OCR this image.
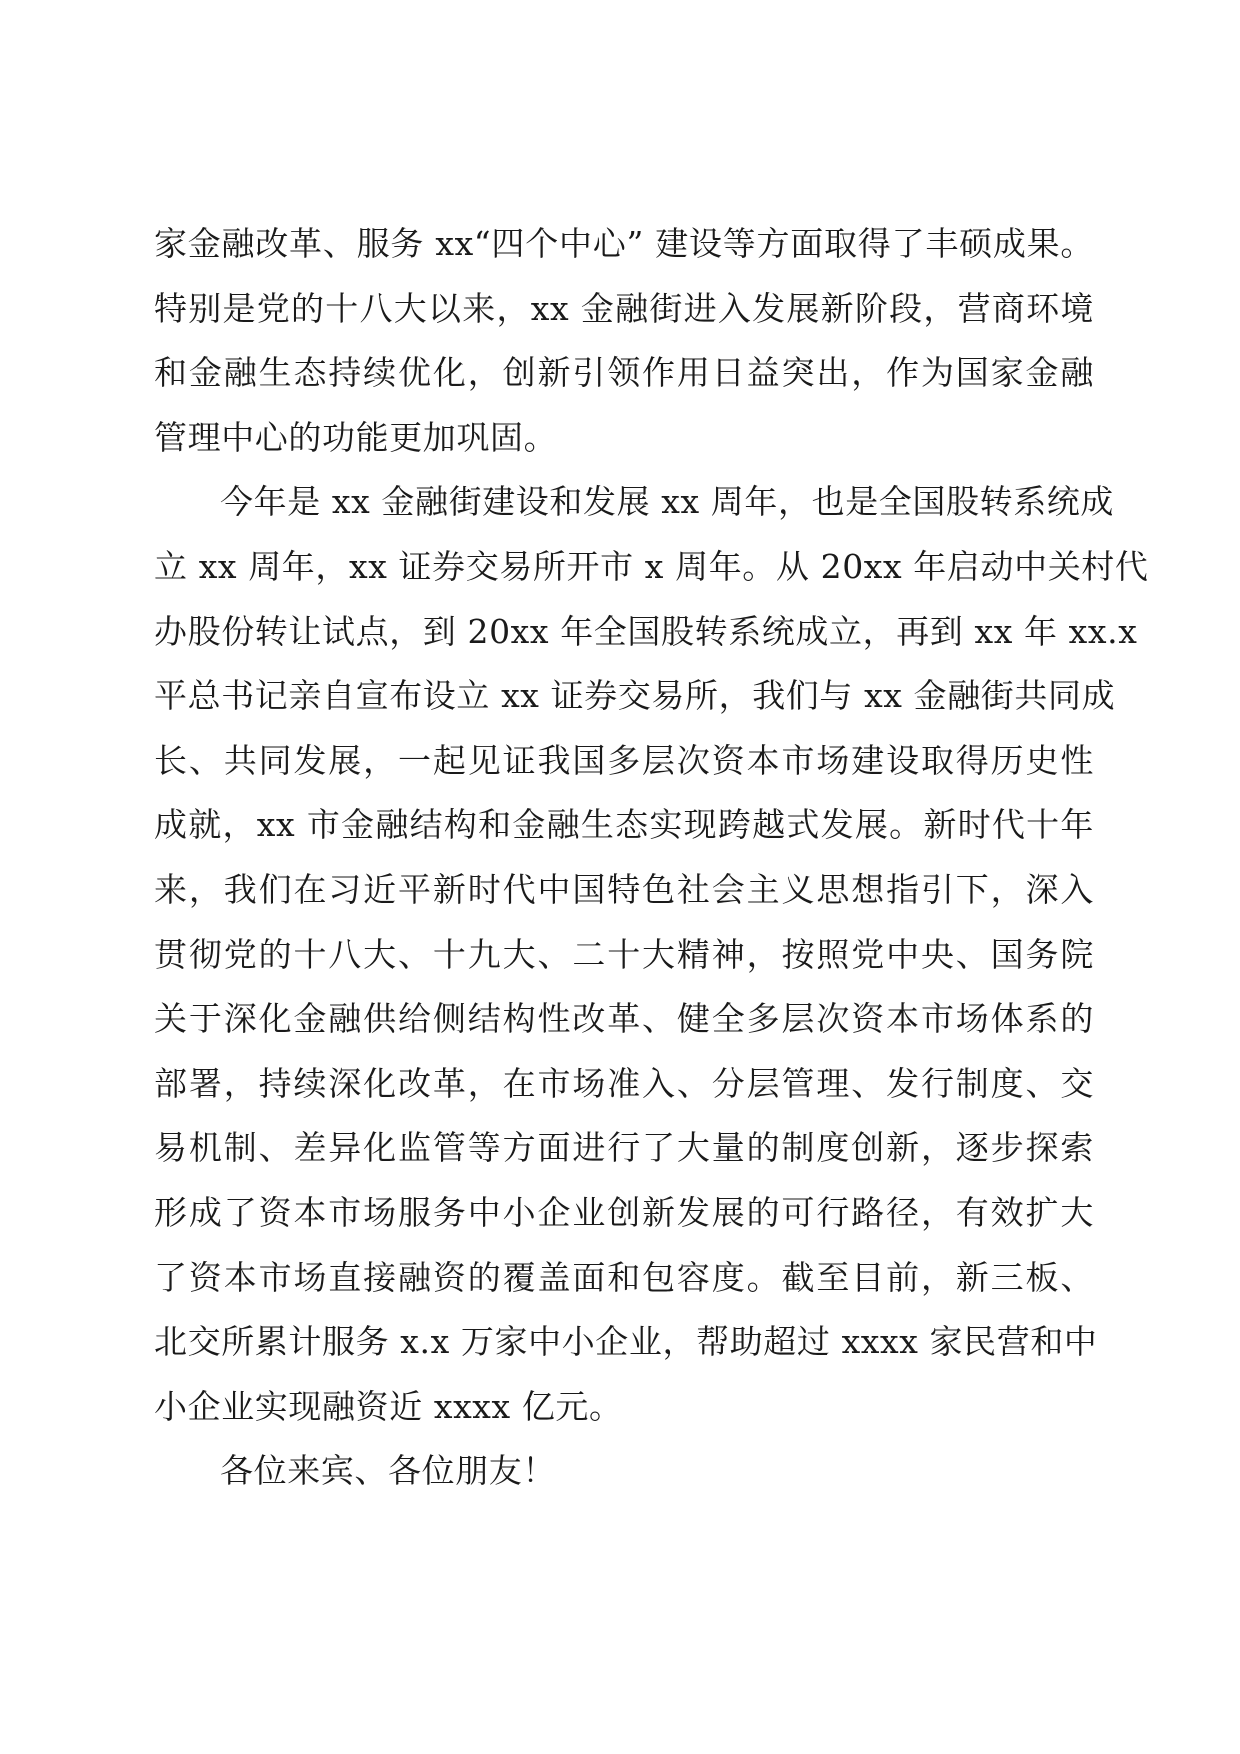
家金融改革、服务 xx“四个中心” 建设等方面取得了丰硕成果。
特别是党的十八大以来，xx 金融街进入发展新阶段，营商环境
和金融生态持续优化，创新引领作用日益突出，作为国家金融
管理中心的功能更加巩固。

今年是 xx 金融街建设和发展 xx 周年，也是全国股转系统成
立 xx 周年，xx 证券交易所开市 x 周年。从 20xx 年启动中关村代
办股份转让试点，到 20xx 年全国股转系统成立，再到 xx 年 xx.x
平总书记亲自宣布设立 xx 证券交易所，我们与 xx 金融街共同成
长、共同发展，一起见证我国多层次资本市场建设取得历史性
成就，xx 市金融结构和金融生态实现跨越式发展。新时代十年
来，我们在习近平新时代中国特色社会主义思想指引下，深入
贯彻党的十八大、十九大、二十大精神，按照党中央、国务院
关于深化金融供给侧结构性改革、健全多层次资本市场体系的
部署，持续深化改革，在市场准入、分层管理、发行制度、交
易机制、差异化监管等方面进行了大量的制度创新，逐步探索
形成了资本市场服务中小企业创新发展的可行路径，有效扩大
了资本市场直接融资的覆盖面和包容度。截至目前，新三板、
北交所累计服务 x.x 万家中小企业，帮助超过 xxxx 家民营和中
小企业实现融资近 xxxx 亿元。

各位来宾、各位朋友！
